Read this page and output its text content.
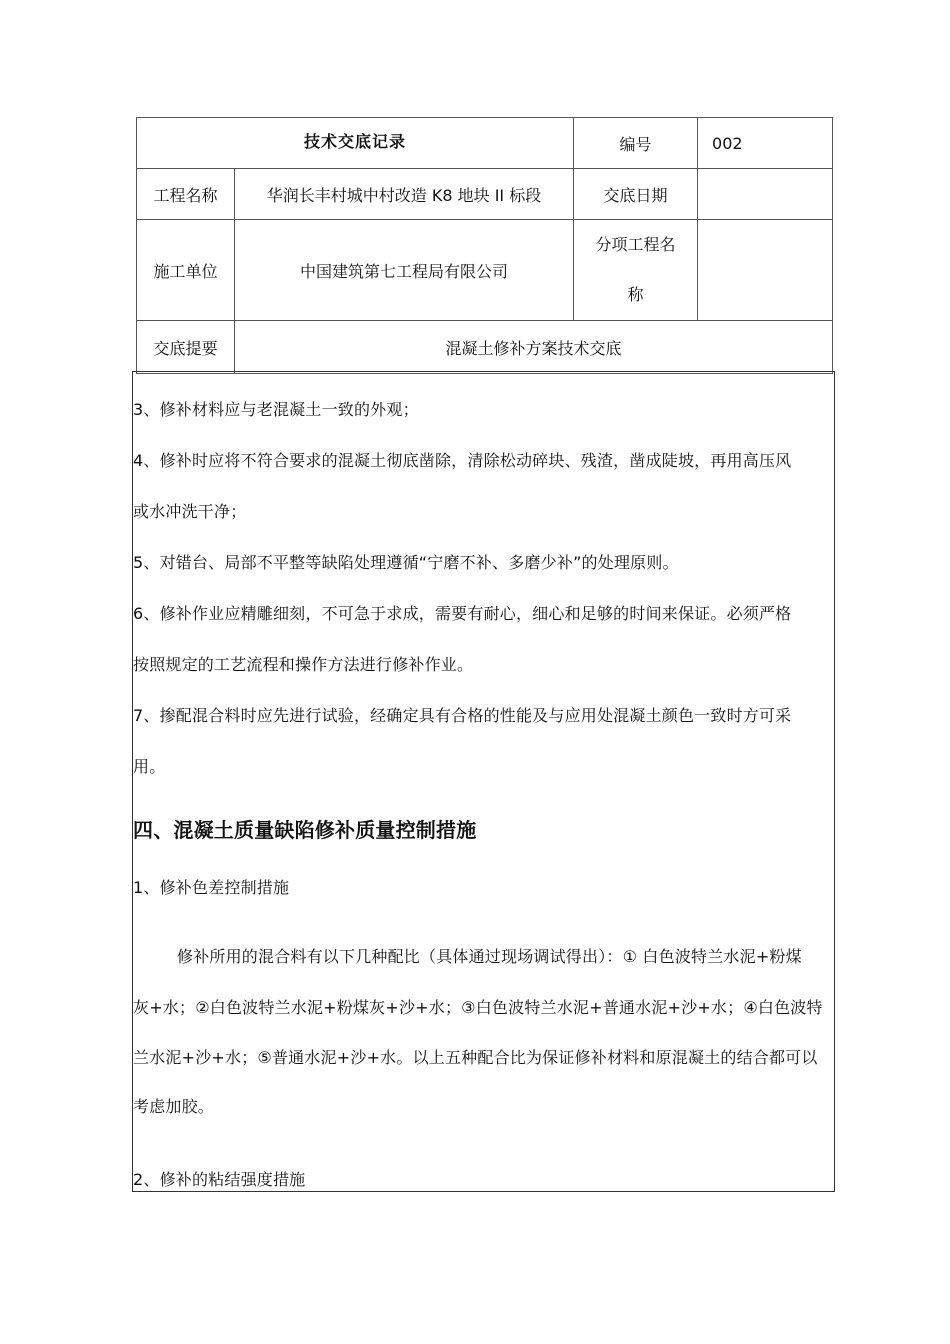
技术交底记录		编号	002
工程名称	华润长丰村城中村改造 K8 地块 II 标段	交底日期	
施工单位	中国建筑第七工程局有限公司	分项工程名
称	
交底提要	混凝土修补方案技术交底		
3、修补材料应与老混凝土一致的外观；
4、修补时应将不符合要求的混凝土彻底凿除，清除松动碎块、残渣，凿成陡坡，再用高压风
或水冲洗干净；
5、对错台、局部不平整等缺陷处理遵循“宁磨不补、多磨少补”的处理原则。
6、修补作业应精雕细刻，不可急于求成，需要有耐心，细心和足够的时间来保证。必须严格
按照规定的工艺流程和操作方法进行修补作业。
7、掺配混合料时应先进行试验，经确定具有合格的性能及与应用处混凝土颜色一致时方可采
用。
四、混凝土质量缺陷修补质量控制措施
1、修补色差控制措施
修补所用的混合料有以下几种配比（具体通过现场调试得出）：① 白色波特兰水泥+粉煤
灰+水；②白色波特兰水泥+粉煤灰+沙+水；③白色波特兰水泥+普通水泥+沙+水；④白色波特
兰水泥+沙+水；⑤普通水泥+沙+水。以上五种配合比为保证修补材料和原混凝土的结合都可以
考虑加胶。
2、修补的粘结强度措施
